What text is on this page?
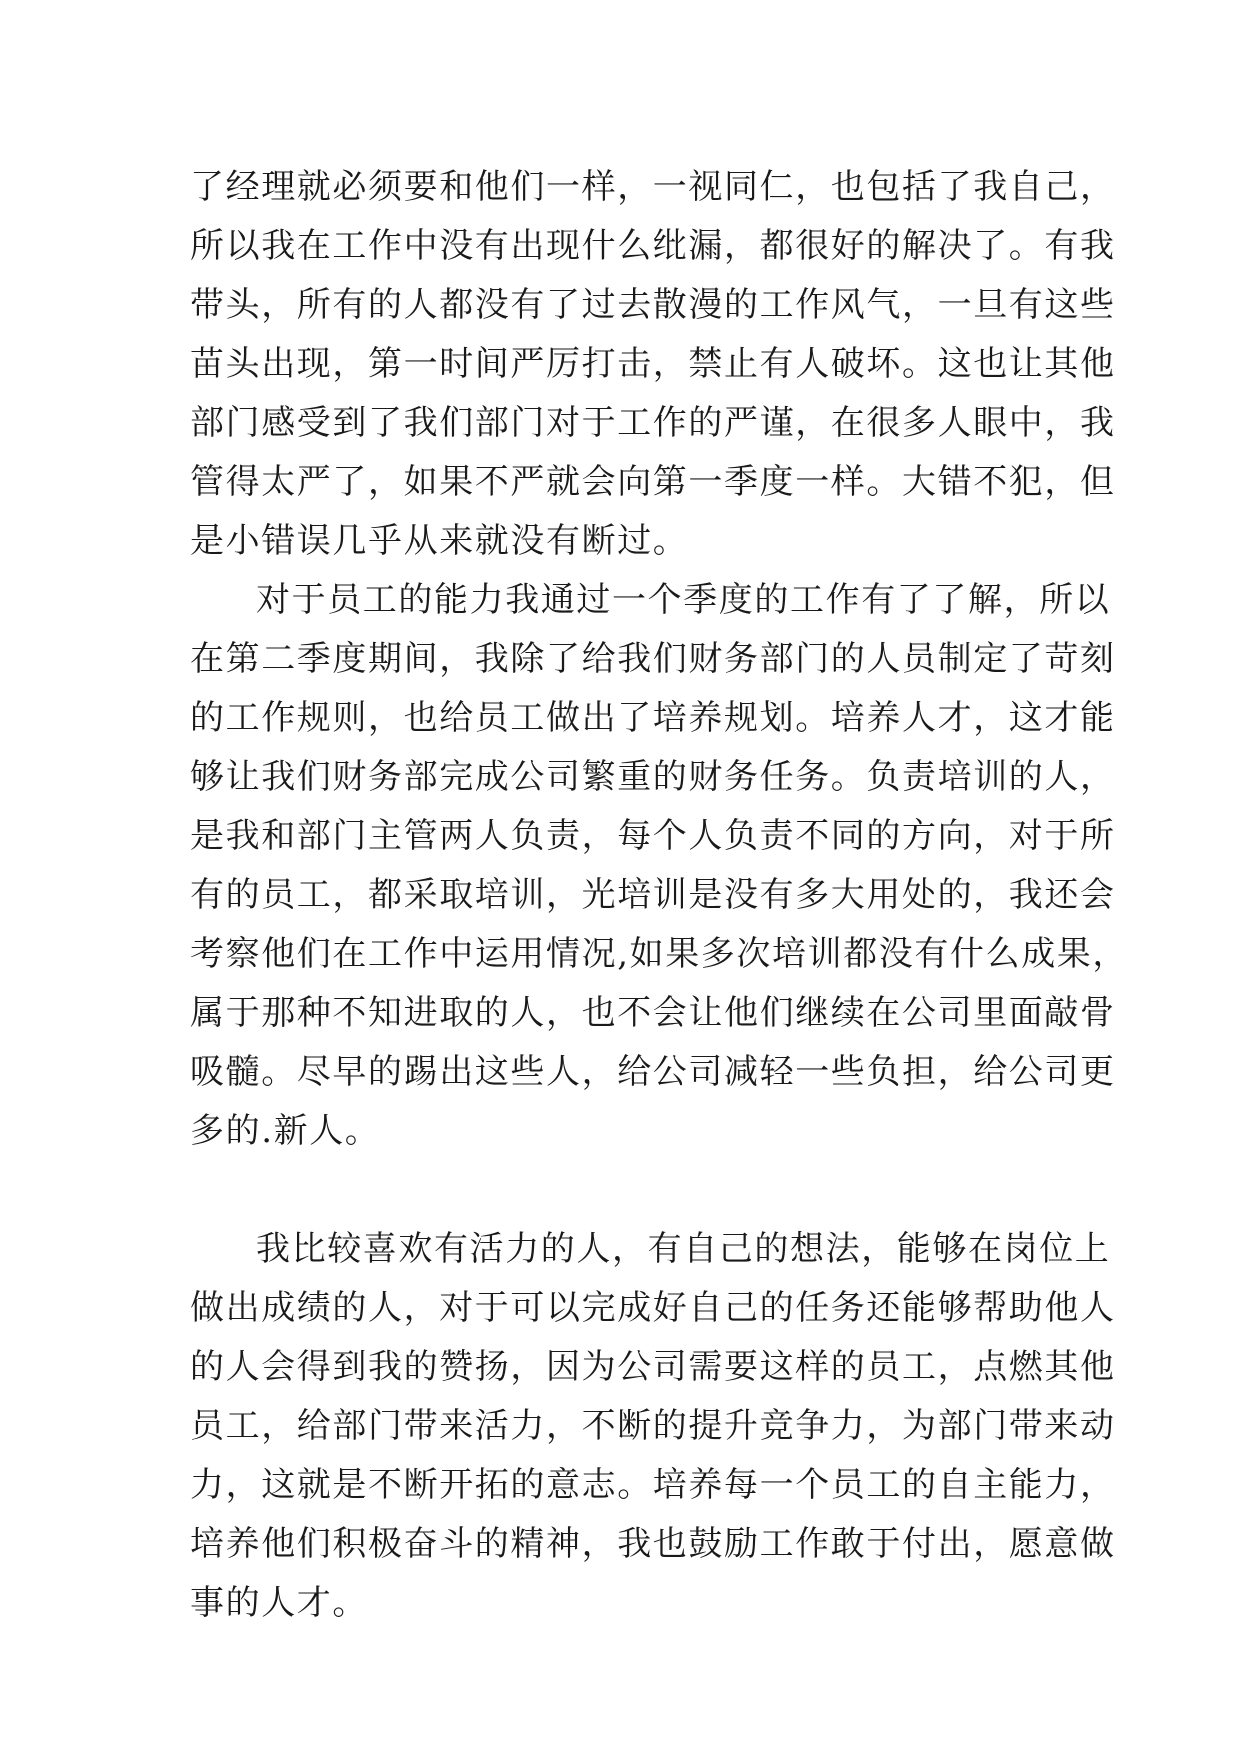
了经理就必须要和他们一样，一视同仁，也包括了我自己，
所以我在工作中没有出现什么纰漏，都很好的解决了。有我
带头，所有的人都没有了过去散漫的工作风气，一旦有这些
苗头出现，第一时间严厉打击，禁止有人破坏。这也让其他
部门感受到了我们部门对于工作的严谨，在很多人眼中，我
管得太严了，如果不严就会向第一季度一样。大错不犯，但
是小错误几乎从来就没有断过。
对于员工的能力我通过一个季度的工作有了了解，所以
在第二季度期间，我除了给我们财务部门的人员制定了苛刻
的工作规则，也给员工做出了培养规划。培养人才，这才能
够让我们财务部完成公司繁重的财务任务。负责培训的人，
是我和部门主管两人负责，每个人负责不同的方向，对于所
有的员工，都采取培训，光培训是没有多大用处的，我还会
考察他们在工作中运用情况,如果多次培训都没有什么成果，
属于那种不知进取的人，也不会让他们继续在公司里面敲骨
吸髓。尽早的踢出这些人，给公司减轻一些负担，给公司更
多的.新人。
我比较喜欢有活力的人，有自己的想法，能够在岗位上
做出成绩的人，对于可以完成好自己的任务还能够帮助他人
的人会得到我的赞扬，因为公司需要这样的员工，点燃其他
员工，给部门带来活力，不断的提升竞争力，为部门带来动
力，这就是不断开拓的意志。培养每一个员工的自主能力，
培养他们积极奋斗的精神，我也鼓励工作敢于付出，愿意做
事的人才。
